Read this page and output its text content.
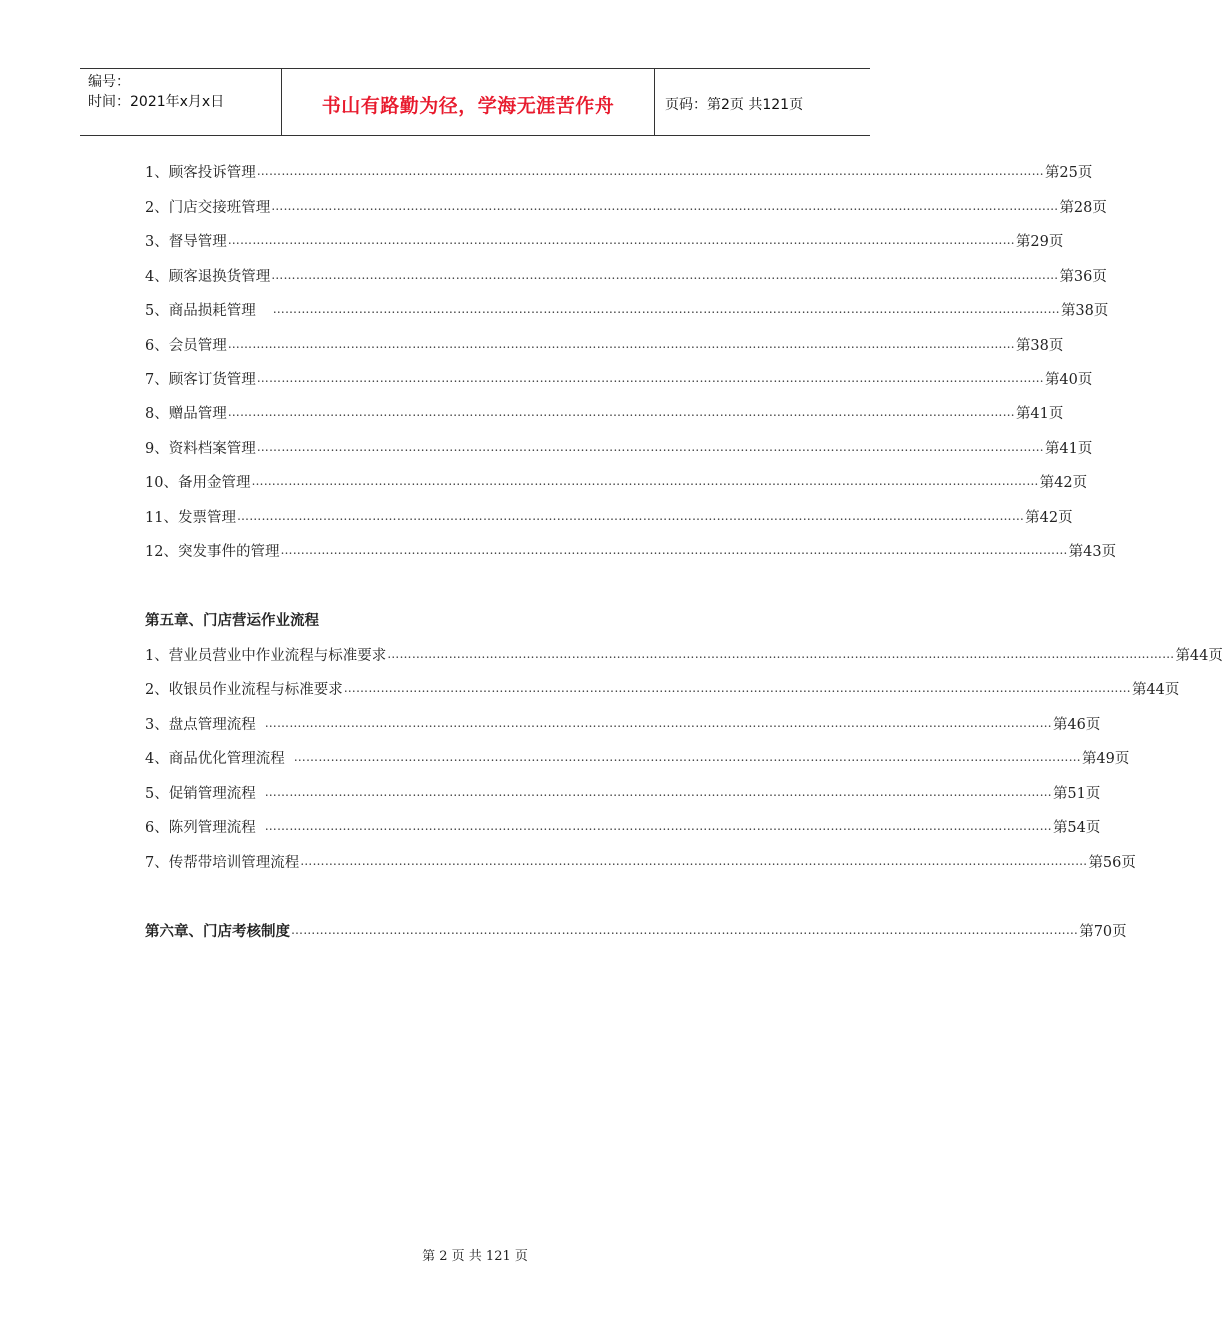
编号：
时间：2021年x月x日	书山有路勤为径，学海无涯苦作舟	页码：第2页 共121页
1、 顾客投诉管理 ………………………………………………………………………………………………………………………………………………………………………… 第25页
2、 门店交接班管理 ………………………………………………………………………………………………………………………………………………………………………… 第28页
3、 督导管理 ………………………………………………………………………………………………………………………………………………………………………… 第29页
4、 顾客退换货管理 ………………………………………………………………………………………………………………………………………………………………………… 第36页
5、 商品损耗管理 ………………………………………………………………………………………………………………………………………………………………………… 第38页
6、 会员管理 ………………………………………………………………………………………………………………………………………………………………………… 第38页
7、 顾客订货管理 ………………………………………………………………………………………………………………………………………………………………………… 第40页
8、 赠品管理 ………………………………………………………………………………………………………………………………………………………………………… 第41页
9、 资料档案管理 ………………………………………………………………………………………………………………………………………………………………………… 第41页
10、 备用金管理 ………………………………………………………………………………………………………………………………………………………………………… 第42页
11、 发票管理 ………………………………………………………………………………………………………………………………………………………………………… 第42页
12、 突发事件的管理 ………………………………………………………………………………………………………………………………………………………………………… 第43页
第五章、门店营运作业流程
1、 营业员营业中作业流程与标准要求 ………………………………………………………………………………………………………………………………………………………………………… 第44页
2、 收银员作业流程与标准要求 ………………………………………………………………………………………………………………………………………………………………………… 第44页
3、 盘点管理流程 ………………………………………………………………………………………………………………………………………………………………………… 第46页
4、 商品优化管理流程 ………………………………………………………………………………………………………………………………………………………………………… 第49页
5、 促销管理流程 ………………………………………………………………………………………………………………………………………………………………………… 第51页
6、 陈列管理流程 ………………………………………………………………………………………………………………………………………………………………………… 第54页
7、 传帮带培训管理流程 ………………………………………………………………………………………………………………………………………………………………………… 第56页
第六章、门店考核制度 ………………………………………………………………………………………………………………………………………………………………………… 第70页
第 2 页 共 121 页
